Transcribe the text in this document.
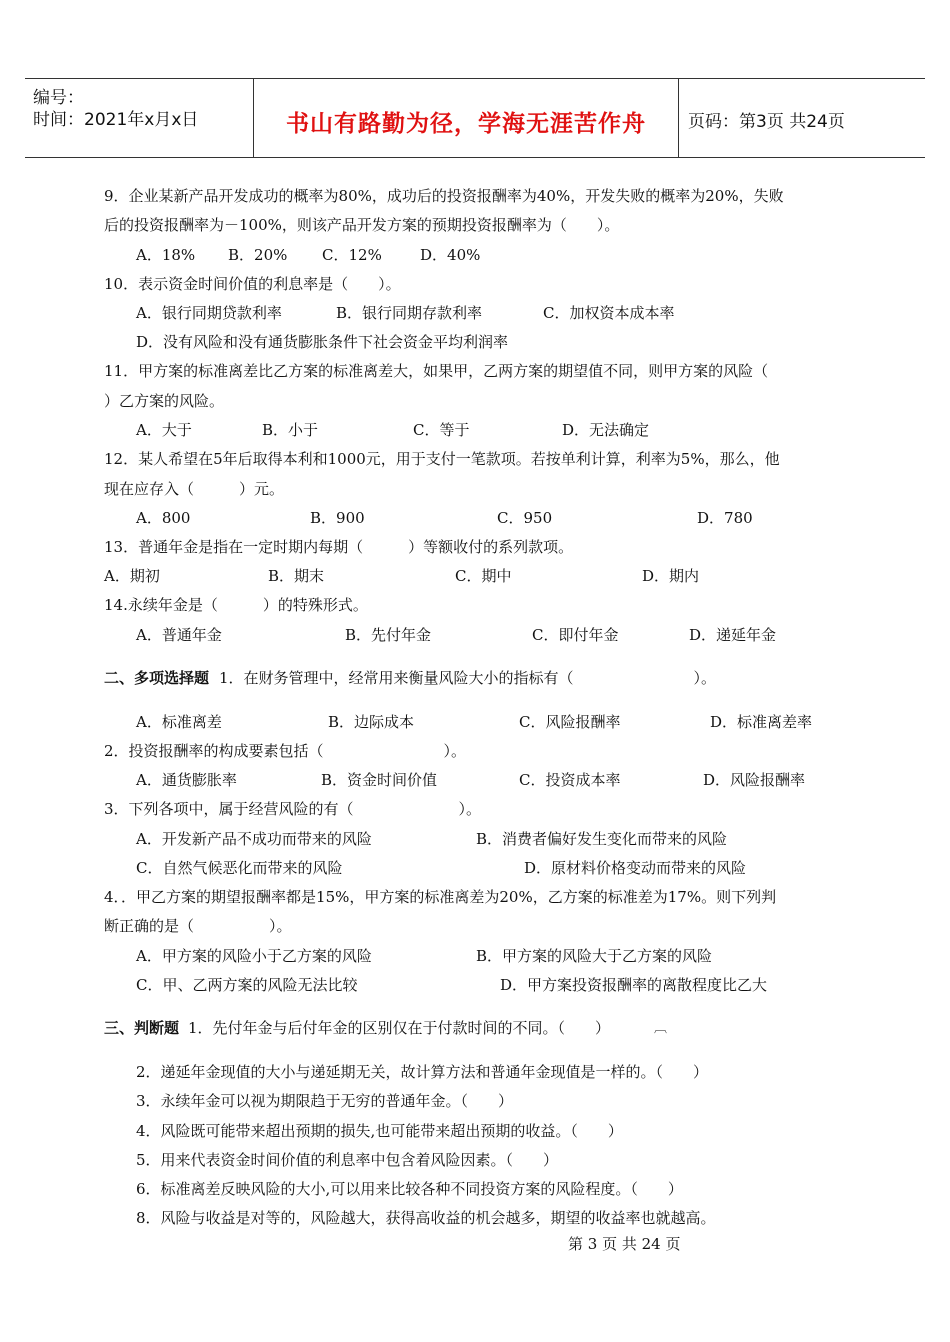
编号：
时间：2021年x月x日	书山有路勤为径，学海无涯苦作舟	页码：第3页 共24页
9．企业某新产品开发成功的概率为80%，成功后的投资报酬率为40%，开发失败的概率为20%，失败
后的投资报酬率为－100%，则该产品开发方案的预期投资报酬率为（　　）。
A．18% B．20% C．12%	D．40%
10．表示资金时间价值的利息率是（　　）。
A．银行同期贷款利率	B．银行同期存款利率	C．加权资本成本率
D．没有风险和没有通货膨胀条件下社会资金平均利润率
11．甲方案的标准离差比乙方案的标准离差大，如果甲，乙两方案的期望值不同，则甲方案的风险（
）乙方案的风险。
A．大于	B．小于	C．等于	D．无法确定
12．某人希望在5年后取得本利和1000元，用于支付一笔款项。若按单利计算，利率为5%，那么，他
现在应存入（　　　）元。
A．800	B．900	C．950	D．780
13．普通年金是指在一定时期内每期（　　　）等额收付的系列款项。
A．期初	B．期末	C．期中	D．期内
14.永续年金是（　　　）的特殊形式。
A．普通年金	B．先付年金	C．即付年金	D．递延年金
二、多项选择题 1．在财务管理中，经常用来衡量风险大小的指标有（　　　　　　　　）。
A．标准离差	B．边际成本	C．风险报酬率	D．标准离差率
2．投资报酬率的构成要素包括（　　　　　　　　）。
A．通货膨胀率	B．资金时间价值	C．投资成本率	D．风险报酬率
3．下列各项中，属于经营风险的有（　　　　　　　）。
A．开发新产品不成功而带来的风险	B．消费者偏好发生变化而带来的风险
C．自然气候恶化而带来的风险	D．原材料价格变动而带来的风险
4．．甲乙方案的期望报酬率都是15%，甲方案的标准离差为20%，乙方案的标准差为17%。则下列判
断正确的是（　　　　　）。
A．甲方案的风险小于乙方案的风险	B．甲方案的风险大于乙方案的风险
C．甲、乙两方案的风险无法比较	D．甲方案投资报酬率的离散程度比乙大
三、判断题 1．先付年金与后付年金的区别仅在于付款时间的不同。（　　）	︹
2．递延年金现值的大小与递延期无关，故计算方法和普通年金现值是一样的。（　　）
3．永续年金可以视为期限趋于无穷的普通年金。（　　）
4．风险既可能带来超出预期的损失,也可能带来超出预期的收益。（　　）
5．用来代表资金时间价值的利息率中包含着风险因素。（　　）
6．标准离差反映风险的大小,可以用来比较各种不同投资方案的风险程度。（　　）
8．风险与收益是对等的，风险越大，获得高收益的机会越多，期望的收益率也就越高。
第 3 页 共 24 页
